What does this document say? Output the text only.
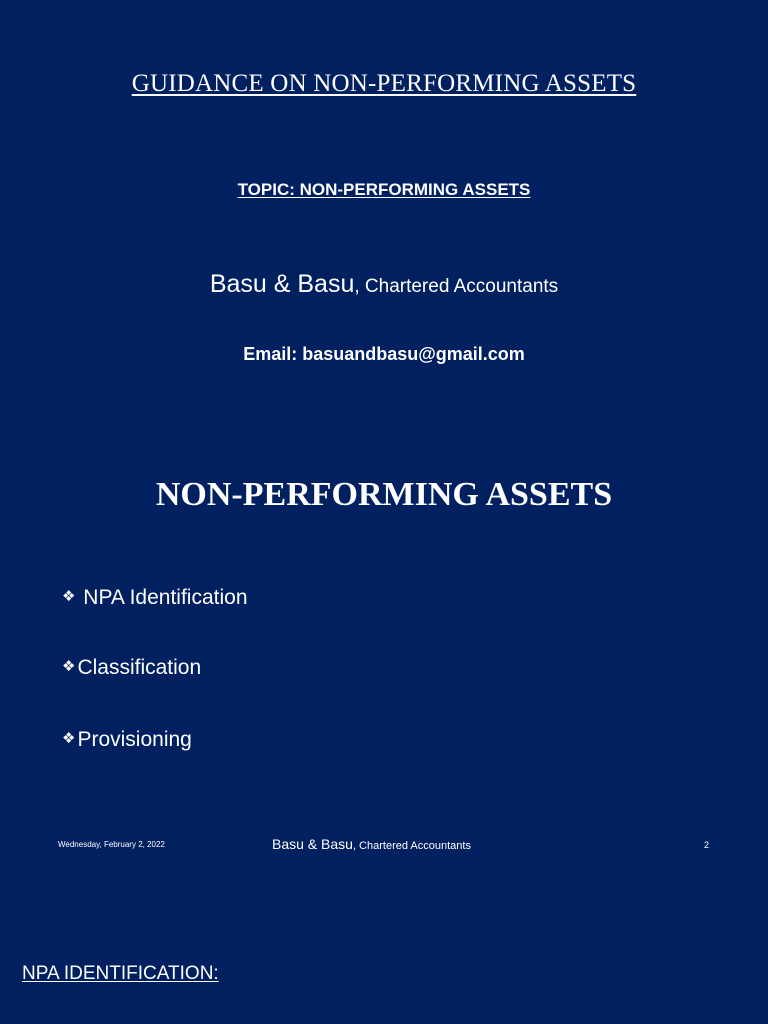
GUIDANCE ON NON-PERFORMING ASSETS
TOPIC: NON-PERFORMING ASSETS
Basu & Basu, Chartered Accountants
Email: basuandbasu@gmail.com
NON-PERFORMING ASSETS
❖ NPA Identification
❖Classification
❖Provisioning
Wednesday, February 2, 2022	Basu & Basu, Chartered Accountants	2
NPA IDENTIFICATION:
